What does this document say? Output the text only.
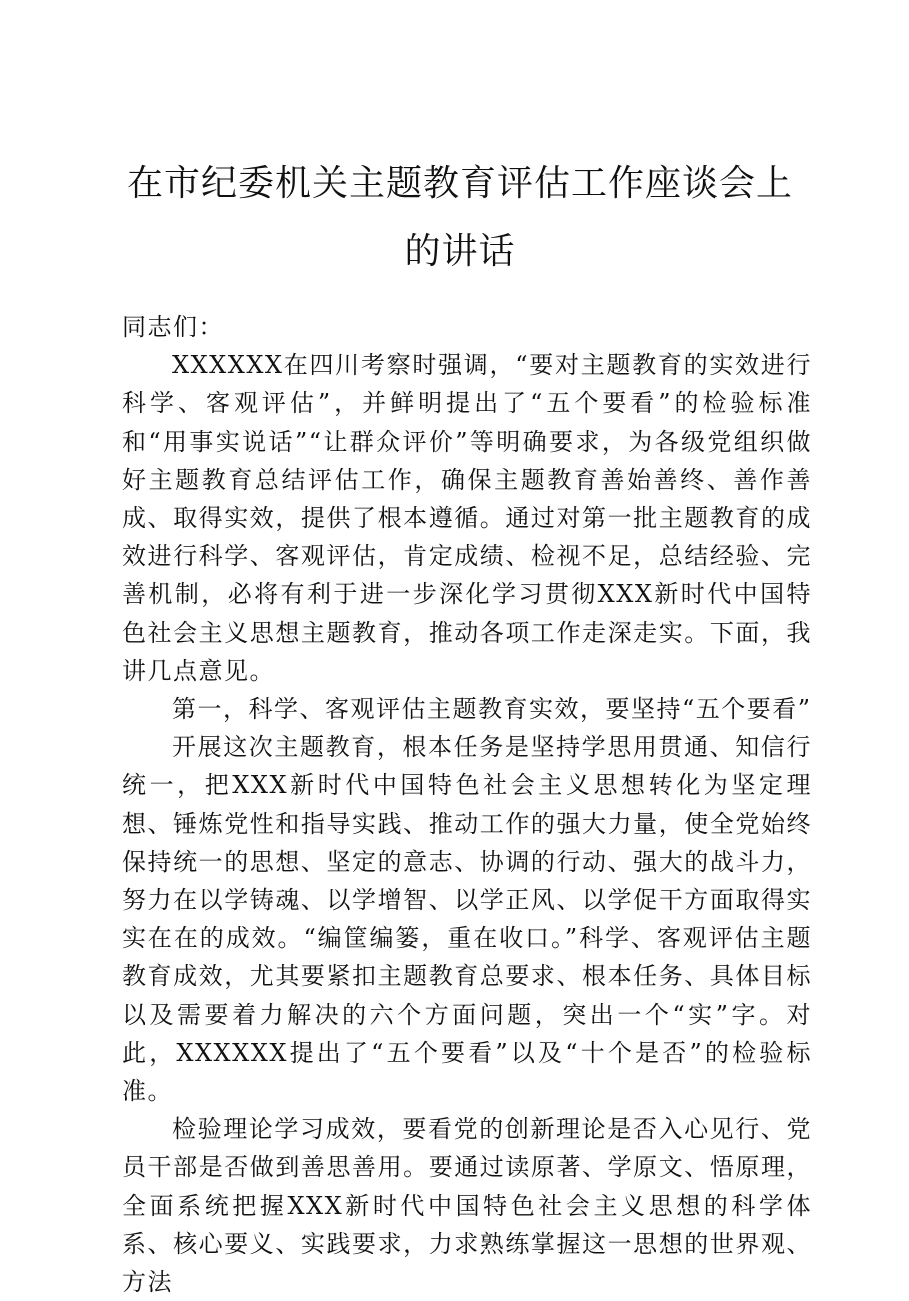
在市纪委机关主题教育评估工作座谈会上的讲话

同志们：

XXXXXX在四川考察时强调，“要对主题教育的实效进行科学、客观评估”，并鲜明提出了“五个要看”的检验标准和“用事实说话”“让群众评价”等明确要求，为各级党组织做好主题教育总结评估工作，确保主题教育善始善终、善作善成、取得实效，提供了根本遵循。通过对第一批主题教育的成效进行科学、客观评估，肯定成绩、检视不足，总结经验、完善机制，必将有利于进一步深化学习贯彻XXX新时代中国特色社会主义思想主题教育，推动各项工作走深走实。下面，我讲几点意见。

第一，科学、客观评估主题教育实效，要坚持“五个要看”

开展这次主题教育，根本任务是坚持学思用贯通、知信行统一，把XXX新时代中国特色社会主义思想转化为坚定理想、锤炼党性和指导实践、推动工作的强大力量，使全党始终保持统一的思想、坚定的意志、协调的行动、强大的战斗力，努力在以学铸魂、以学增智、以学正风、以学促干方面取得实实在在的成效。“编筐编篓，重在收口。”科学、客观评估主题教育成效，尤其要紧扣主题教育总要求、根本任务、具体目标以及需要着力解决的六个方面问题，突出一个“实”字。对此，XXXXXX提出了“五个要看”以及“十个是否”的检验标准。

检验理论学习成效，要看党的创新理论是否入心见行、党员干部是否做到善思善用。要通过读原著、学原文、悟原理，全面系统把握XXX新时代中国特色社会主义思想的科学体系、核心要义、实践要求，力求熟练掌握这一思想的世界观、方法
